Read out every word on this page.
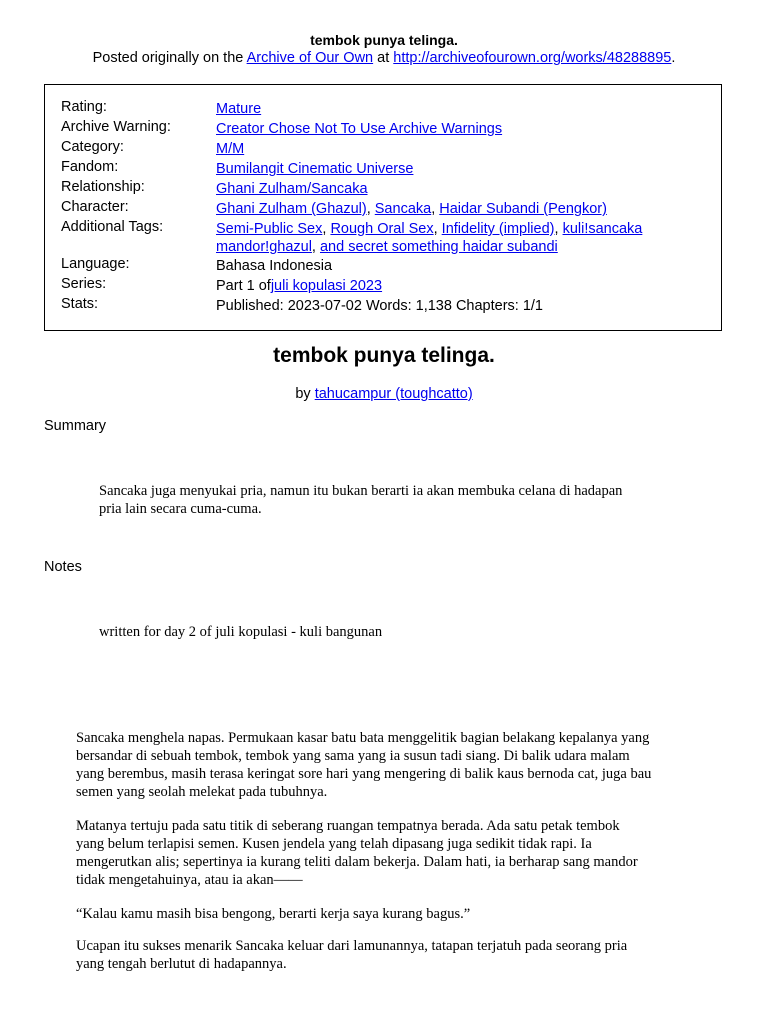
tembok punya telinga.
Posted originally on the Archive of Our Own at http://archiveofourown.org/works/48288895.
Rating:	Mature
Archive Warning:	Creator Chose Not To Use Archive Warnings
Category:	M/M
Fandom:	Bumilangit Cinematic Universe
Relationship:	Ghani Zulham/Sancaka
Character:	Ghani Zulham (Ghazul), Sancaka, Haidar Subandi (Pengkor)
Additional Tags:	Semi-Public Sex, Rough Oral Sex, Infidelity (implied), kuli!sancaka mandor!ghazul, and secret something haidar subandi
Language:	Bahasa Indonesia
Series:	Part 1 ofjuli kopulasi 2023
Stats:	Published: 2023-07-02 Words: 1,138 Chapters: 1/1
tembok punya telinga.
by tahucampur (toughcatto)
Summary
Sancaka juga menyukai pria, namun itu bukan berarti ia akan membuka celana di hadapan
pria lain secara cuma-cuma.
Notes
written for day 2 of juli kopulasi - kuli bangunan
Sancaka menghela napas. Permukaan kasar batu bata menggelitik bagian belakang kepalanya yang
bersandar di sebuah tembok, tembok yang sama yang ia susun tadi siang. Di balik udara malam
yang berembus, masih terasa keringat sore hari yang mengering di balik kaus bernoda cat, juga bau
semen yang seolah melekat pada tubuhnya.
Matanya tertuju pada satu titik di seberang ruangan tempatnya berada. Ada satu petak tembok
yang belum terlapisi semen. Kusen jendela yang telah dipasang juga sedikit tidak rapi. Ia
mengerutkan alis; sepertinya ia kurang teliti dalam bekerja. Dalam hati, ia berharap sang mandor
tidak mengetahuinya, atau ia akan——
“Kalau kamu masih bisa bengong, berarti kerja saya kurang bagus.”
Ucapan itu sukses menarik Sancaka keluar dari lamunannya, tatapan terjatuh pada seorang pria
yang tengah berlutut di hadapannya.
